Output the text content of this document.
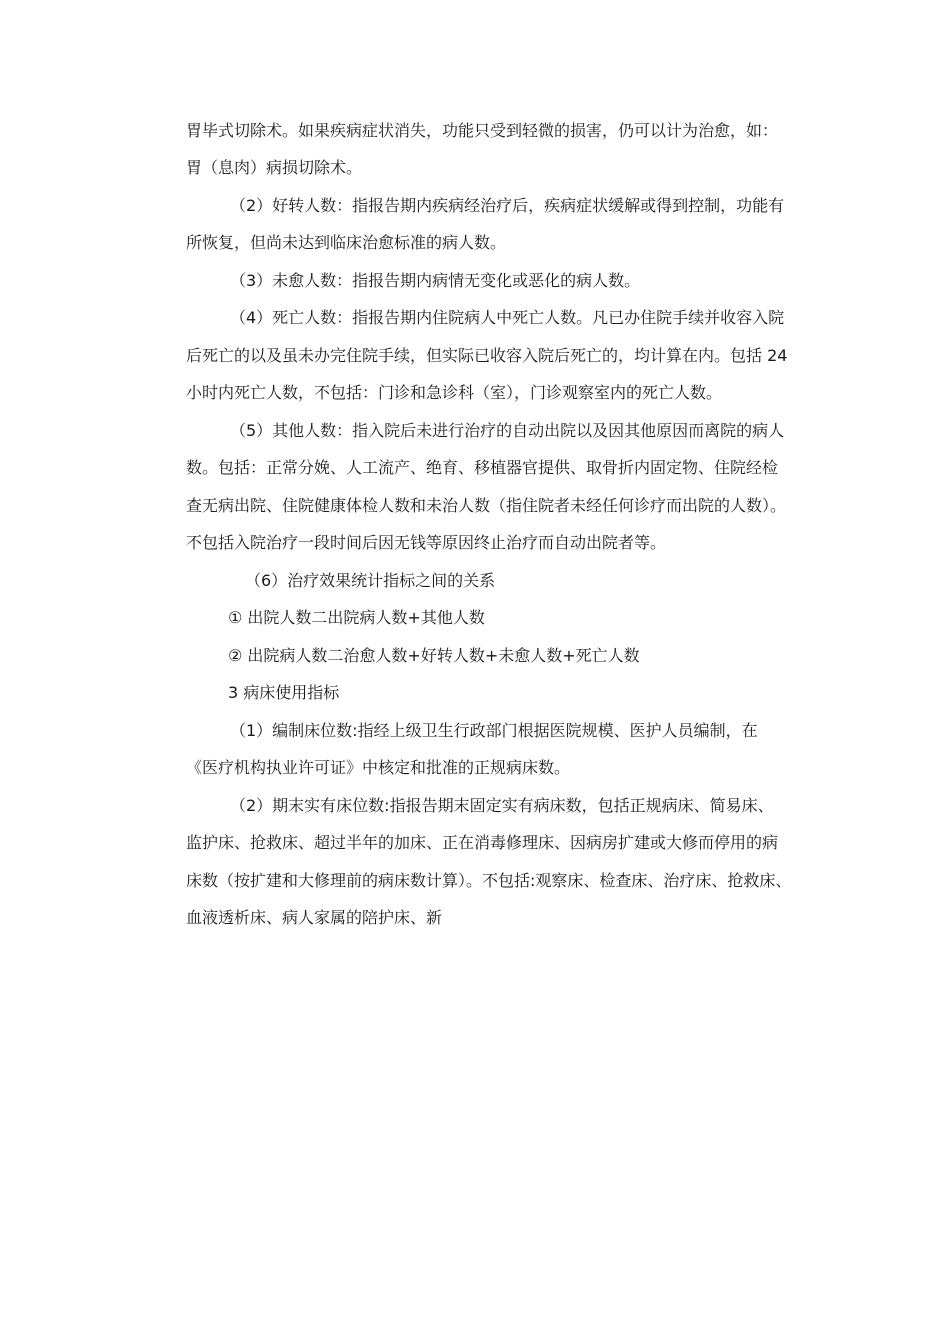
胃毕式切除术。如果疾病症状消失，功能只受到轻微的损害，仍可以计为治愈，如：
胃（息肉）病损切除术。
（2）好转人数：指报告期内疾病经治疗后，疾病症状缓解或得到控制，功能有
所恢复，但尚未达到临床治愈标准的病人数。
（3）未愈人数：指报告期内病情无变化或恶化的病人数。
（4）死亡人数：指报告期内住院病人中死亡人数。凡已办住院手续并收容入院
后死亡的以及虽未办完住院手续，但实际已收容入院后死亡的，均计算在内。包括 24
小时内死亡人数，不包括：门诊和急诊科（室），门诊观察室内的死亡人数。
（5）其他人数：指入院后未进行治疗的自动出院以及因其他原因而离院的病人
数。包括：正常分娩、人工流产、绝育、移植器官提供、取骨折内固定物、住院经检
查无病出院、住院健康体检人数和未治人数（指住院者未经任何诊疗而出院的人数）。
不包括入院治疗一段时间后因无钱等原因终止治疗而自动出院者等。
（6）治疗效果统计指标之间的关系
① 出院人数二出院病人数+其他人数
② 出院病人数二治愈人数+好转人数+未愈人数+死亡人数
3 病床使用指标
（1）编制床位数:指经上级卫生行政部门根据医院规模、医护人员编制，在
《医疗机构执业许可证》中核定和批准的正规病床数。
（2）期末实有床位数:指报告期末固定实有病床数，包括正规病床、简易床、
监护床、抢救床、超过半年的加床、正在消毒修理床、因病房扩建或大修而停用的病
床数（按扩建和大修理前的病床数计算）。不包括:观察床、检查床、治疗床、抢救床、
血液透析床、病人家属的陪护床、新
